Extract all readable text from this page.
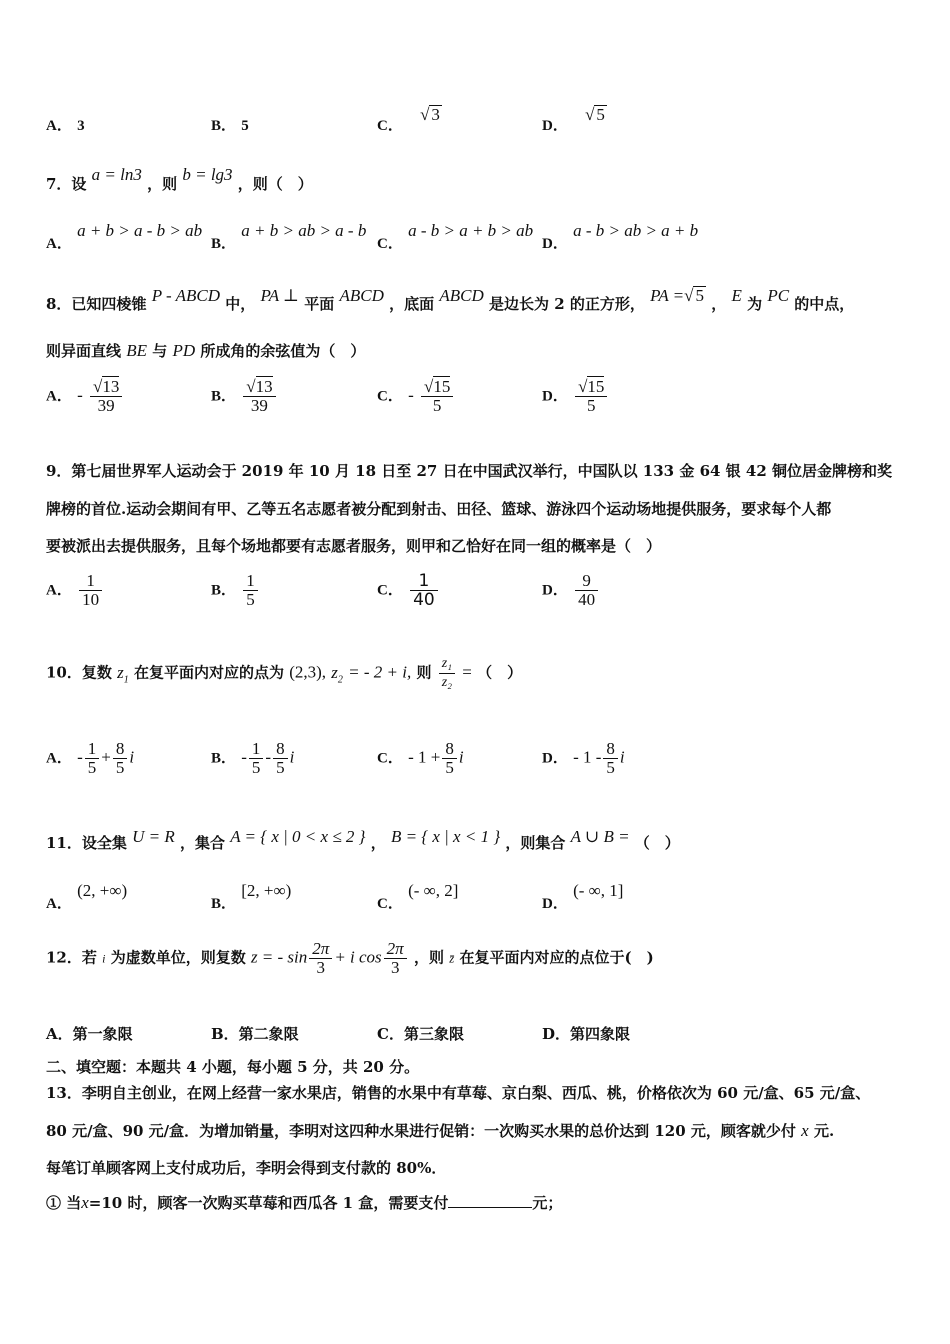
A． 3	B． 5	C． √ 3
D． √ 5
7．设 a = ln3 ，则 b = lg3 ，则（　）
A． a + b > a - b > ab
B． a + b > ab > a - b
C． a - b > a + b > ab
D． a - b > ab > a + b
8．已知四棱锥 P - ABCD 中， PA ⊥ 平面 ABCD ，底面 ABCD 是边长为 2 的正方形， PA =√ 5 ， E 为 PC 的中点，
则异面直线 BE 与 PD 所成角的余弦值为（　）
A． - $\frac{√13}{39}$	B． $\frac{√13}{39}$	C． - $\frac{√15}{5}$	D． $\frac{√15}{5}$
9．第七届世界军人运动会于 2019 年 10 月 18 日至 27 日在中国武汉举行，中国队以 133 金 64 银 42 铜位居金牌榜和奖
牌榜的首位.运动会期间有甲、乙等五名志愿者被分配到射击、田径、篮球、游泳四个运动场地提供服务，要求每个人都
要被派出去提供服务，且每个场地都要有志愿者服务，则甲和乙恰好在同一组的概率是（　）
A． $\frac{1}{10}$	B． $\frac{1}{5}$	C． $\frac{1}{40}$	D． $\frac{9}{40}$
10．复数 $z_1$ 在复平面内对应的点为 (2,3), $z_2$ = - 2 + i, 则 $\frac{\text{z₁}}{\text{z₂}}$ = （　）
A． - $\frac{1}{5} + \frac{8}{5}$ i	B． - $\frac{1}{5} - \frac{8}{5}$ i	C． - $1 + \frac{8}{5}$ i	D． - $1 - \frac{8}{5}$ i
11．设全集 U = R ，集合 A = { x | 0 < x ≤ 2 } ， B = { x | x < 1 } ，则集合 A ∪ B = （　）
A． (2, +∞)
B． [2, +∞)
C． (- ∞, 2]
D． (- ∞, 1]
12．若 i 为虚数单位，则复数 z = - $\sin \frac{2\pi}{3} + i$ $\cos \frac{2\pi}{3}$ ，则 z̄ 在复平面内对应的点位于(　)
A．第一象限	B．第二象限	C．第三象限	D．第四象限
二、填空题：本题共 4 小题，每小题 5 分，共 20 分。
13．李明自主创业，在网上经营一家水果店，销售的水果中有草莓、京白梨、西瓜、桃，价格依次为 60 元/盒、65 元/盒、
80 元/盒、90 元/盒．为增加销量，李明对这四种水果进行促销：一次购买水果的总价达到 120 元，顾客就少付 x 元.
每笔订单顾客网上支付成功后，李明会得到支付款的 80%．
① 当x=10 时，顾客一次购买草莓和西瓜各 1 盒，需要支付	元；
